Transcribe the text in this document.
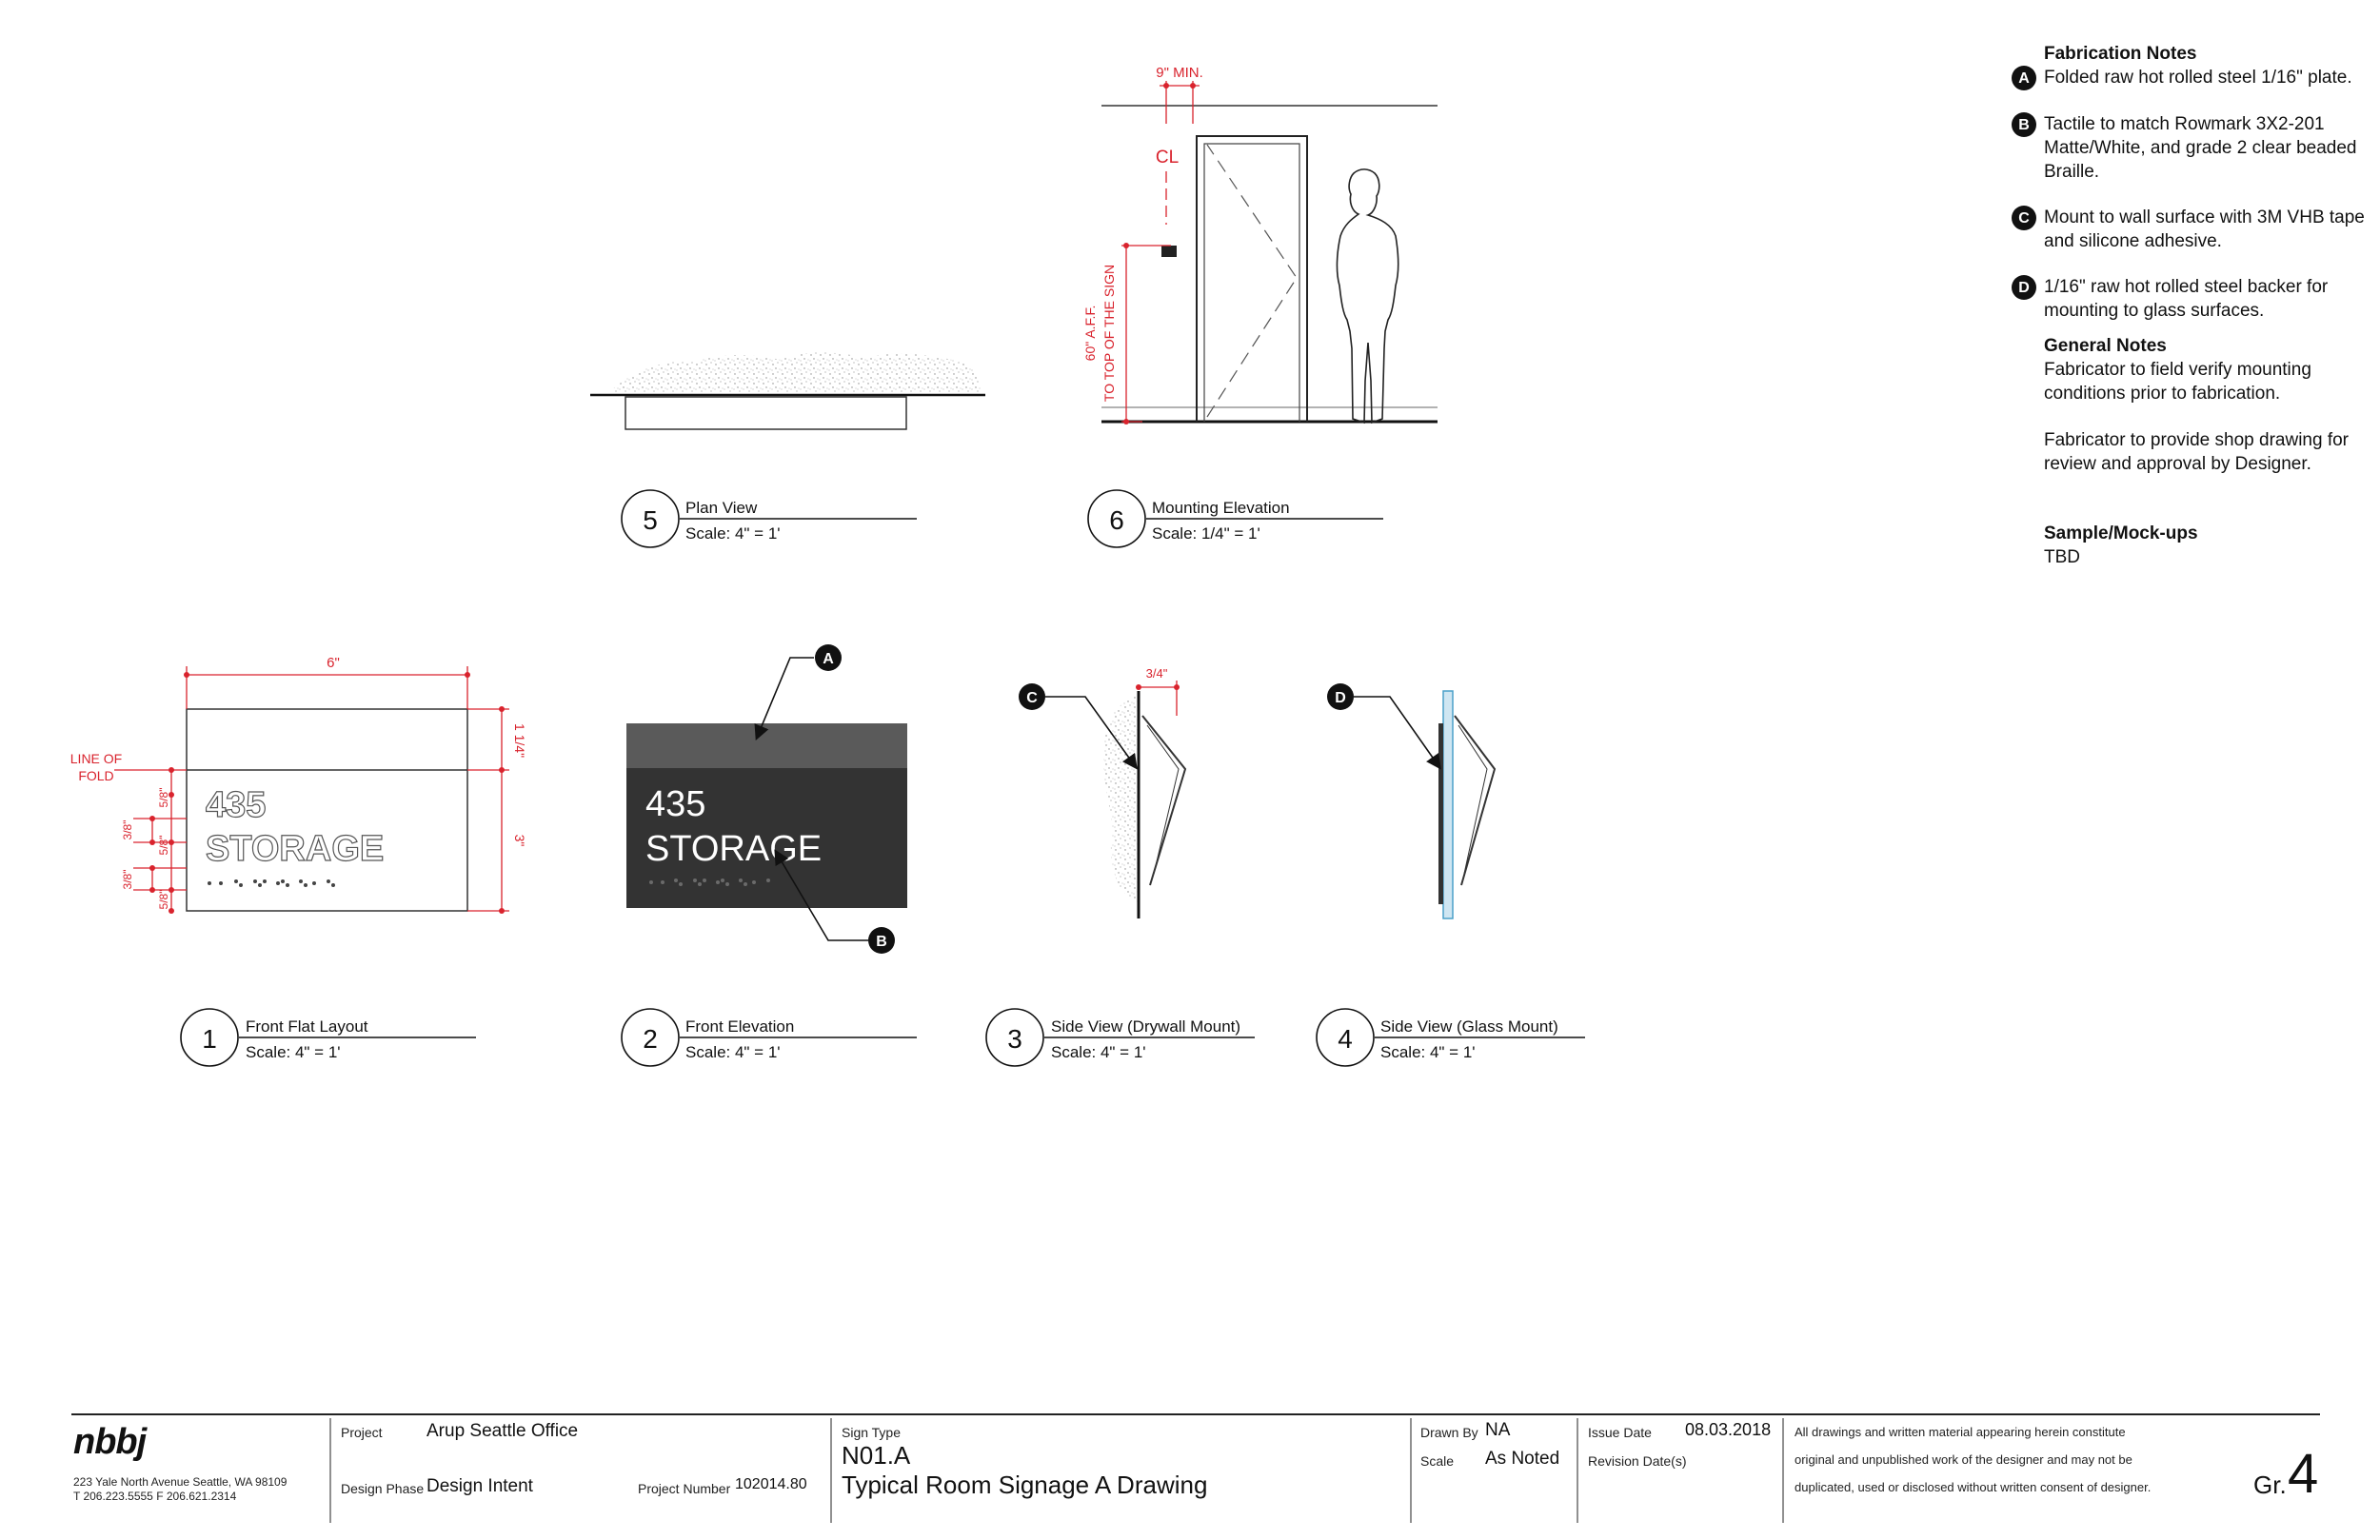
9" MIN.
CL
60" A.F.F. TO TOP OF THE SIGN
435
STORAGE
6"
1 1/4"
3"
LINE OF
FOLD
5/8"
5/8"
5/8"
3/8"
3/8"
435
STORAGE
A
B
3/4"
C	D
5 Plan View
Scale: 4" = 1'	6 Mounting Elevation
Scale: 1/4" = 1'
1 Front Flat Layout
Scale: 4" = 1'	2 Front Elevation
Scale: 4" = 1'	3 Side View (Drywall Mount)
Scale: 4" = 1'	4 Side View (Glass Mount)
Scale: 4" = 1'
Fabrication Notes
A Folded raw hot rolled steel 1/16" plate.
B Tactile to match Rowmark 3X2-201 Matte/White, and grade 2 clear beaded Braille.
C Mount to wall surface with 3M VHB tape and silicone adhesive.
D 1/16" raw hot rolled steel backer for mounting to glass surfaces.
General Notes
Fabricator to field verify mounting conditions prior to fabrication.
Fabricator to provide shop drawing for review and approval by Designer.
Sample/Mock-ups
TBD
nbbj
223 Yale North Avenue Seattle, WA 98109
T 206.223.5555 F 206.621.2314
Project Arup Seattle Office
Design Phase Design Intent	Project Number 102014.80
Sign Type
N01.A
Typical Room Signage A Drawing
Drawn By NA
Scale As Noted
Issue Date 08.03.2018
Revision Date(s)
All drawings and written material appearing herein constitute
original and unpublished work of the designer and may not be
duplicated, used or disclosed without written consent of designer.	Gr. 4
